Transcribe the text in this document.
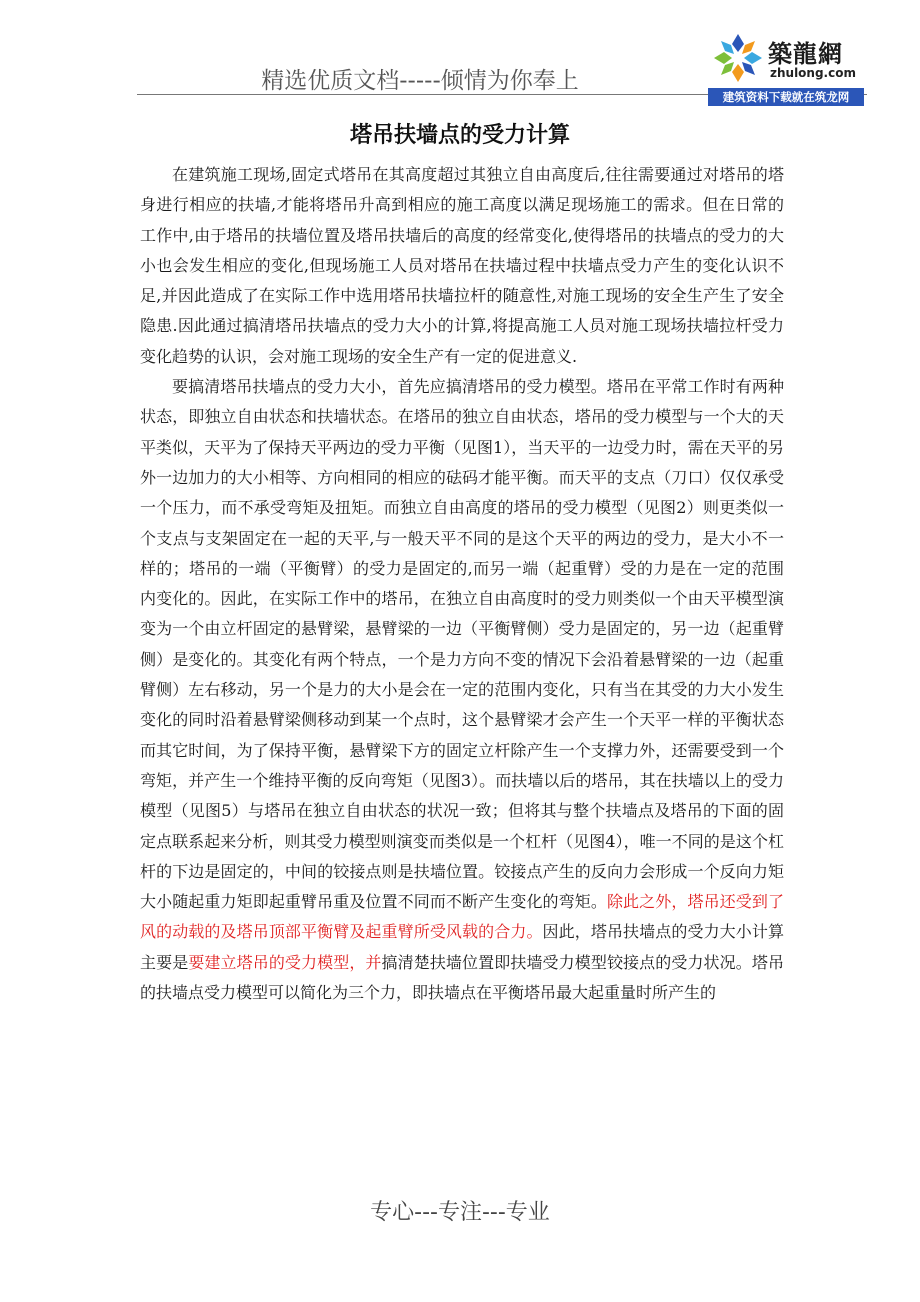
精选优质文档-----倾情为你奉上
築龍網
zhulong.com
建筑资料下载就在筑龙网
塔吊扶墙点的受力计算

在建筑施工现场,固定式塔吊在其高度超过其独立自由高度后,往往需要通过对塔吊的塔身进行相应的扶墙,才能将塔吊升高到相应的施工高度以满足现场施工的需求。但在日常的工作中,由于塔吊的扶墙位置及塔吊扶墙后的高度的经常变化,使得塔吊的扶墙点的受力的大小也会发生相应的变化,但现场施工人员对塔吊在扶墙过程中扶墙点受力产生的变化认识不足,并因此造成了在实际工作中选用塔吊扶墙拉杆的随意性,对施工现场的安全生产生了安全隐患.因此通过搞清塔吊扶墙点的受力大小的计算,将提高施工人员对施工现场扶墙拉杆受力变化趋势的认识，会对施工现场的安全生产有一定的促进意义.

要搞清塔吊扶墙点的受力大小，首先应搞清塔吊的受力模型。塔吊在平常工作时有两种状态，即独立自由状态和扶墙状态。在塔吊的独立自由状态，塔吊的受力模型与一个大的天平类似，天平为了保持天平两边的受力平衡（见图1），当天平的一边受力时，需在天平的另外一边加力的大小相等、方向相同的相应的砝码才能平衡。而天平的支点（刀口）仅仅承受一个压力，而不承受弯矩及扭矩。而独立自由高度的塔吊的受力模型（见图2）则更类似一个支点与支架固定在一起的天平,与一般天平不同的是这个天平的两边的受力，是大小不一样的；塔吊的一端（平衡臂）的受力是固定的,而另一端（起重臂）受的力是在一定的范围内变化的。因此，在实际工作中的塔吊，在独立自由高度时的受力则类似一个由天平模型演变为一个由立杆固定的悬臂梁，悬臂梁的一边（平衡臂侧）受力是固定的，另一边（起重臂侧）是变化的。其变化有两个特点，一个是力方向不变的情况下会沿着悬臂梁的一边（起重臂侧）左右移动，另一个是力的大小是会在一定的范围内变化，只有当在其受的力大小发生变化的同时沿着悬臂梁侧移动到某一个点时，这个悬臂梁才会产生一个天平一样的平衡状态 而其它时间，为了保持平衡，悬臂梁下方的固定立杆除产生一个支撑力外，还需要受到一个弯矩，并产生一个维持平衡的反向弯矩（见图3）。而扶墙以后的塔吊，其在扶墙以上的受力模型（见图5）与塔吊在独立自由状态的状况一致；但将其与整个扶墙点及塔吊的下面的固定点联系起来分析，则其受力模型则演变而类似是一个杠杆（见图4），唯一不同的是这个杠杆的下边是固定的，中间的铰接点则是扶墙位置。铰接点产生的反向力会形成一个反向力矩大小随起重力矩即起重臂吊重及位置不同而不断产生变化的弯矩。除此之外，塔吊还受到了风的动载的及塔吊顶部平衡臂及起重臂所受风载的合力。因此，塔吊扶墙点的受力大小计算主要是要建立塔吊的受力模型，并搞清楚扶墙位置即扶墙受力模型铰接点的受力状况。塔吊的扶墙点受力模型可以简化为三个力，即扶墙点在平衡塔吊最大起重量时所产生的

专心---专注---专业
